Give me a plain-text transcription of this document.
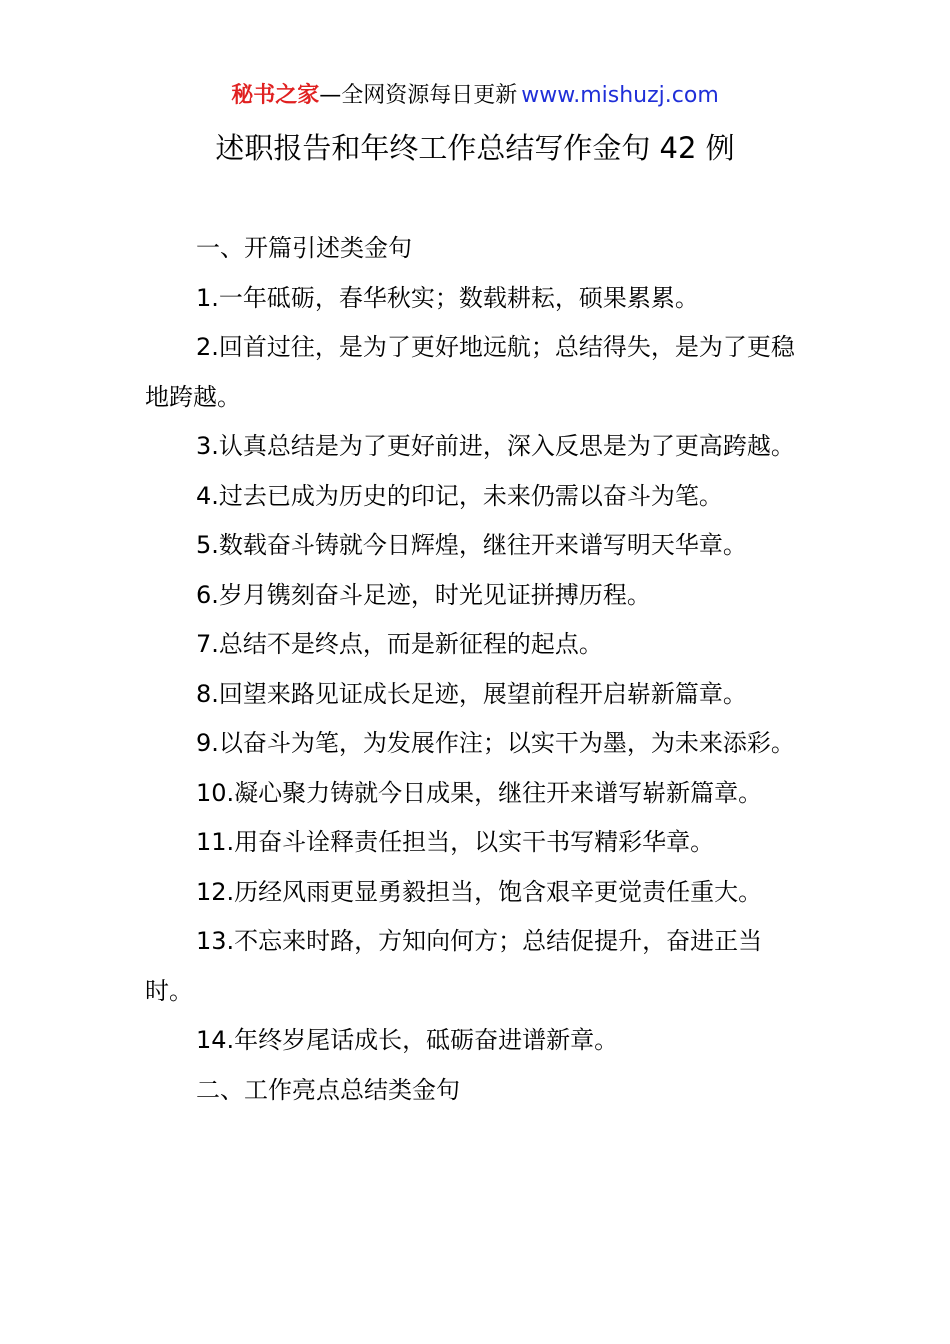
秘书之家—全网资源每日更新 www.mishuzj.com
述职报告和年终工作总结写作金句 42 例

一、开篇引述类金句

1.一年砥砺，春华秋实；数载耕耘，硕果累累。

2.回首过往，是为了更好地远航；总结得失，是为了更稳地跨越。

3.认真总结是为了更好前进，深入反思是为了更高跨越。

4.过去已成为历史的印记，未来仍需以奋斗为笔。

5.数载奋斗铸就今日辉煌，继往开来谱写明天华章。

6.岁月镌刻奋斗足迹，时光见证拼搏历程。

7.总结不是终点，而是新征程的起点。

8.回望来路见证成长足迹，展望前程开启崭新篇章。

9.以奋斗为笔，为发展作注；以实干为墨，为未来添彩。

10.凝心聚力铸就今日成果，继往开来谱写崭新篇章。

11.用奋斗诠释责任担当，以实干书写精彩华章。

12.历经风雨更显勇毅担当，饱含艰辛更觉责任重大。

13.不忘来时路，方知向何方；总结促提升，奋进正当时。

14.年终岁尾话成长，砥砺奋进谱新章。

二、工作亮点总结类金句
